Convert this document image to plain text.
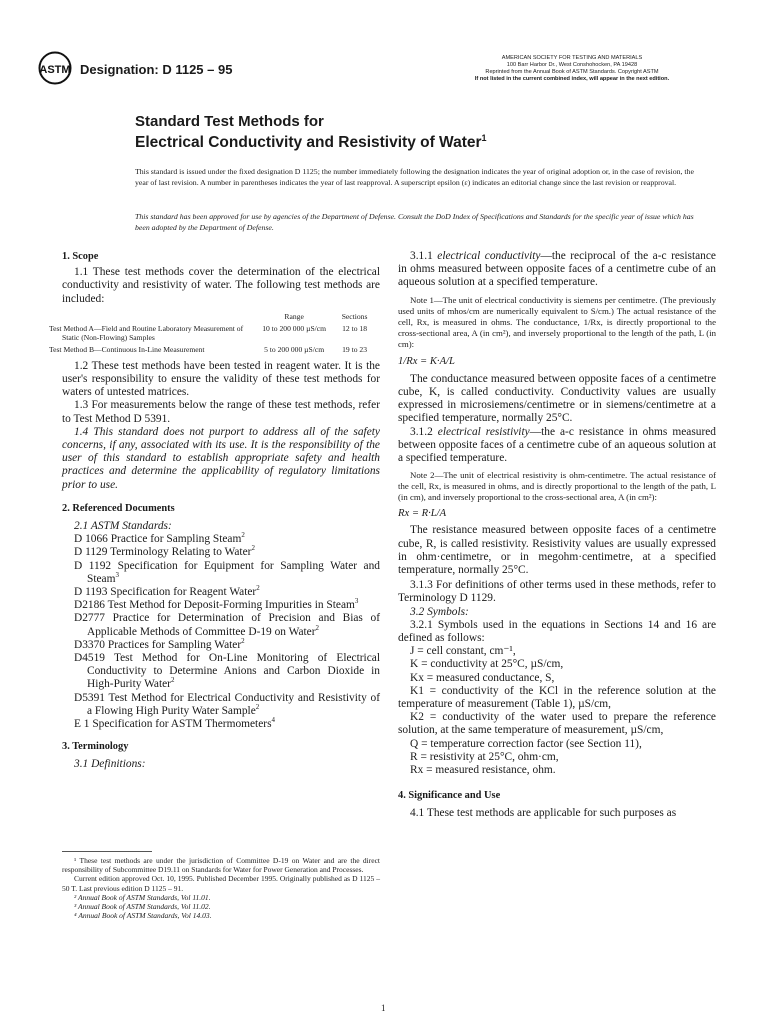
ASTM Designation: D 1125 – 95
AMERICAN SOCIETY FOR TESTING AND MATERIALS
100 Barr Harbor Dr., West Conshohocken, PA 19428
Reprinted from the Annual Book of ASTM Standards. Copyright ASTM
If not listed in the current combined index, will appear in the next edition.
Standard Test Methods for
Electrical Conductivity and Resistivity of Water$^1$
This standard is issued under the fixed designation D 1125; the number immediately following the designation indicates the year of original adoption or, in the case of revision, the year of last revision. A number in parentheses indicates the year of last reapproval. A superscript epsilon (ε) indicates an editorial change since the last revision or reapproval.
This standard has been approved for use by agencies of the Department of Defense. Consult the DoD Index of Specifications and Standards for the specific year of issue which has been adopted by the Department of Defense.

1. Scope

1.1 These test methods cover the determination of the electrical conductivity and resistivity of water. The following test methods are included:

	Range	Sections
Test Method A—Field and Routine Laboratory Measurement of Static (Non-Flowing) Samples	10 to 200 000 µS/cm	12 to 18
Test Method B—Continuous In-Line Measurement	5 to 200 000 µS/cm	19 to 23

1.2 These test methods have been tested in reagent water. It is the user's responsibility to ensure the validity of these test methods for waters of untested matrices.

1.3 For measurements below the range of these test methods, refer to Test Method D 5391.

1.4 This standard does not purport to address all of the safety concerns, if any, associated with its use. It is the responsibility of the user of this standard to establish appropriate safety and health practices and determine the applicability of regulatory limitations prior to use.

2. Referenced Documents

2.1 ASTM Standards:

D 1066 Practice for Sampling Steam$^2$

D 1129 Terminology Relating to Water$^2$

D 1192 Specification for Equipment for Sampling Water and Steam$^3$

D 1193 Specification for Reagent Water$^2$

D2186 Test Method for Deposit-Forming Impurities in Steam$^3$

D2777 Practice for Determination of Precision and Bias of Applicable Methods of Committee D-19 on Water$^2$

D3370 Practices for Sampling Water$^2$

D4519 Test Method for On-Line Monitoring of Electrical Conductivity to Determine Anions and Carbon Dioxide in High-Purity Water$^2$

D5391 Test Method for Electrical Conductivity and Resistivity of a Flowing High Purity Water Sample$^2$

E 1 Specification for ASTM Thermometers$^4$

3. Terminology

3.1 Definitions:

¹ These test methods are under the jurisdiction of Committee D-19 on Water and are the direct responsibility of Subcommittee D19.11 on Standards for Water for Power Generation and Processes.
Current edition approved Oct. 10, 1995. Published December 1995. Originally published as D 1125 – 50 T. Last previous edition D 1125 – 91.
² Annual Book of ASTM Standards, Vol 11.01.
³ Annual Book of ASTM Standards, Vol 11.02.
⁴ Annual Book of ASTM Standards, Vol 14.03.

3.1.1 electrical conductivity—the reciprocal of the a-c resistance in ohms measured between opposite faces of a centimetre cube of an aqueous solution at a specified temperature.

Note 1—The unit of electrical conductivity is siemens per centimetre. (The previously used units of mhos/cm are numerically equivalent to S/cm.) The actual resistance of the cell, Rx, is measured in ohms. The conductance, 1/Rx, is directly proportional to the cross-sectional area, A (in cm²), and inversely proportional to the length of the path, L (in cm):

1/Rx = K·A/L

The conductance measured between opposite faces of a centimetre cube, K, is called conductivity. Conductivity values are usually expressed in microsiemens/centimetre or in siemens/centimetre at a specified temperature, normally 25°C.

3.1.2 electrical resistivity—the a-c resistance in ohms measured between opposite faces of a centimetre cube of an aqueous solution at a specified temperature.

Note 2—The unit of electrical resistivity is ohm-centimetre. The actual resistance of the cell, Rx, is measured in ohms, and is directly proportional to the length of the path, L (in cm), and inversely proportional to the cross-sectional area, A (in cm²):

Rx = R·L/A

The resistance measured between opposite faces of a centimetre cube, R, is called resistivity. Resistivity values are usually expressed in ohm·centimetre, or in megohm·centimetre, at a specified temperature, normally 25°C.

3.1.3 For definitions of other terms used in these methods, refer to Terminology D 1129.

3.2 Symbols:

3.2.1 Symbols used in the equations in Sections 14 and 16 are defined as follows:

J = cell constant, cm⁻¹,

K = conductivity at 25°C, µS/cm,

Kx = measured conductance, S,

K1 = conductivity of the KCl in the reference solution at the temperature of measurement (Table 1), µS/cm,

K2 = conductivity of the water used to prepare the reference solution, at the same temperature of measurement, µS/cm,

Q = temperature correction factor (see Section 11),

R = resistivity at 25°C, ohm·cm,

Rx = measured resistance, ohm.

4. Significance and Use

4.1 These test methods are applicable for such purposes as

1
